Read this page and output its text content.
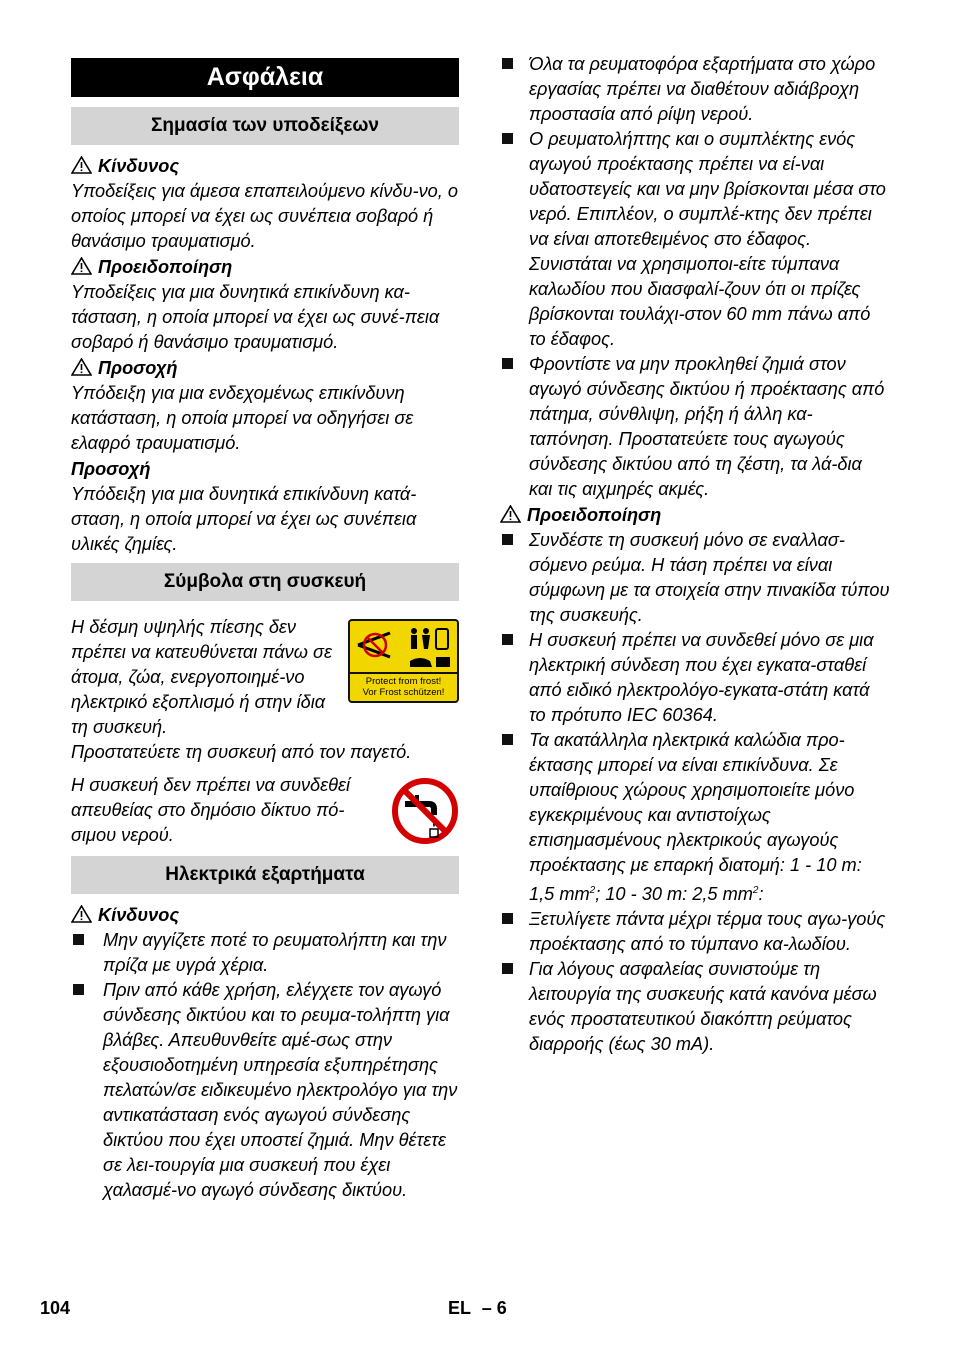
Ασφάλεια
Σημασία των υποδείξεων
Κίνδυνος

Υποδείξεις για άμεσα επαπειλούμενο κίνδυ-νο, ο οποίος μπορεί να έχει ως συνέπεια σοβαρό ή θανάσιμο τραυματισμό.

Προειδοποίηση

Υποδείξεις για μια δυνητικά επικίνδυνη κα-τάσταση, η οποία μπορεί να έχει ως συνέ-πεια σοβαρό ή θανάσιμο τραυματισμό.

Προσοχή

Υπόδειξη για μια ενδεχομένως επικίνδυνη κατάσταση, η οποία μπορεί να οδηγήσει σε ελαφρό τραυματισμό.

Προσοχή

Υπόδειξη για μια δυνητικά επικίνδυνη κατά-σταση, η οποία μπορεί να έχει ως συνέπεια υλικές ζημίες.

Σύμβολα στη συσκευή

Η δέσμη υψηλής πίεσης δεν πρέπει να κατευθύνεται πάνω σε άτομα, ζώα, ενεργοποιημέ-νο ηλεκτρικό εξοπλισμό ή στην ίδια τη συσκευή.

Protect from frost!
Vor Frost schützen!

Προστατεύετε τη συσκευή από τον παγετό.

Η συσκευή δεν πρέπει να συνδεθεί απευθείας στο δημόσιο δίκτυο πό-σιμου νερού.

Ηλεκτρικά εξαρτήματα
Κίνδυνος
Μην αγγίζετε ποτέ το ρευματολήπτη και την πρίζα με υγρά χέρια.
Πριν από κάθε χρήση, ελέγχετε τον αγωγό σύνδεσης δικτύου και το ρευμα-τολήπτη για βλάβες. Απευθυνθείτε αμέ-σως στην εξουσιοδοτημένη υπηρεσία εξυπηρέτησης πελατών/σε ειδικευμένο ηλεκτρολόγο για την αντικατάσταση ενός αγωγού σύνδεσης δικτύου που έχει υποστεί ζημιά. Μην θέτετε σε λει-τουργία μια συσκευή που έχει χαλασμέ-νο αγωγό σύνδεσης δικτύου.
Όλα τα ρευματοφόρα εξαρτήματα στο χώρο εργασίας πρέπει να διαθέτουν αδιάβροχη προστασία από ρίψη νερού.
Ο ρευματολήπτης και ο συμπλέκτης ενός αγωγού προέκτασης πρέπει να εί-ναι υδατοστεγείς και να μην βρίσκονται μέσα στο νερό. Επιπλέον, ο συμπλέ-κτης δεν πρέπει να είναι αποτεθειμένος στο έδαφος. Συνιστάται να χρησιμοποι-είτε τύμπανα καλωδίου που διασφαλί-ζουν ότι οι πρίζες βρίσκονται τουλάχι-στον 60 mm πάνω από το έδαφος.
Φροντίστε να μην προκληθεί ζημιά στον αγωγό σύνδεσης δικτύου ή προέκτασης από πάτημα, σύνθλιψη, ρήξη ή άλλη κα-ταπόνηση. Προστατεύετε τους αγωγούς σύνδεσης δικτύου από τη ζέστη, τα λά-δια και τις αιχμηρές ακμές.
Προειδοποίηση
Συνδέστε τη συσκευή μόνο σε εναλλασ-σόμενο ρεύμα. Η τάση πρέπει να είναι σύμφωνη με τα στοιχεία στην πινακίδα τύπου της συσκευής.
Η συσκευή πρέπει να συνδεθεί μόνο σε μια ηλεκτρική σύνδεση που έχει εγκατα-σταθεί από ειδικό ηλεκτρολόγο-εγκατα-στάτη κατά το πρότυπο IEC 60364.
Τα ακατάλληλα ηλεκτρικά καλώδια προ-έκτασης μπορεί να είναι επικίνδυνα. Σε υπαίθριους χώρους χρησιμοποιείτε μόνο εγκεκριμένους και αντιστοίχως επισημασμένους ηλεκτρικούς αγωγούς προέκτασης με επαρκή διατομή: 1 - 10 m: 1,5 $mm^2$; 10 - 30 m: 2,5 $mm^2$:
Ξετυλίγετε πάντα μέχρι τέρμα τους αγω-γούς προέκτασης από το τύμπανο κα-λωδίου.
Για λόγους ασφαλείας συνιστούμε τη λειτουργία της συσκευής κατά κανόνα μέσω ενός προστατευτικού διακόπτη ρεύματος διαρροής (έως 30 mA).
104	EL – 6
